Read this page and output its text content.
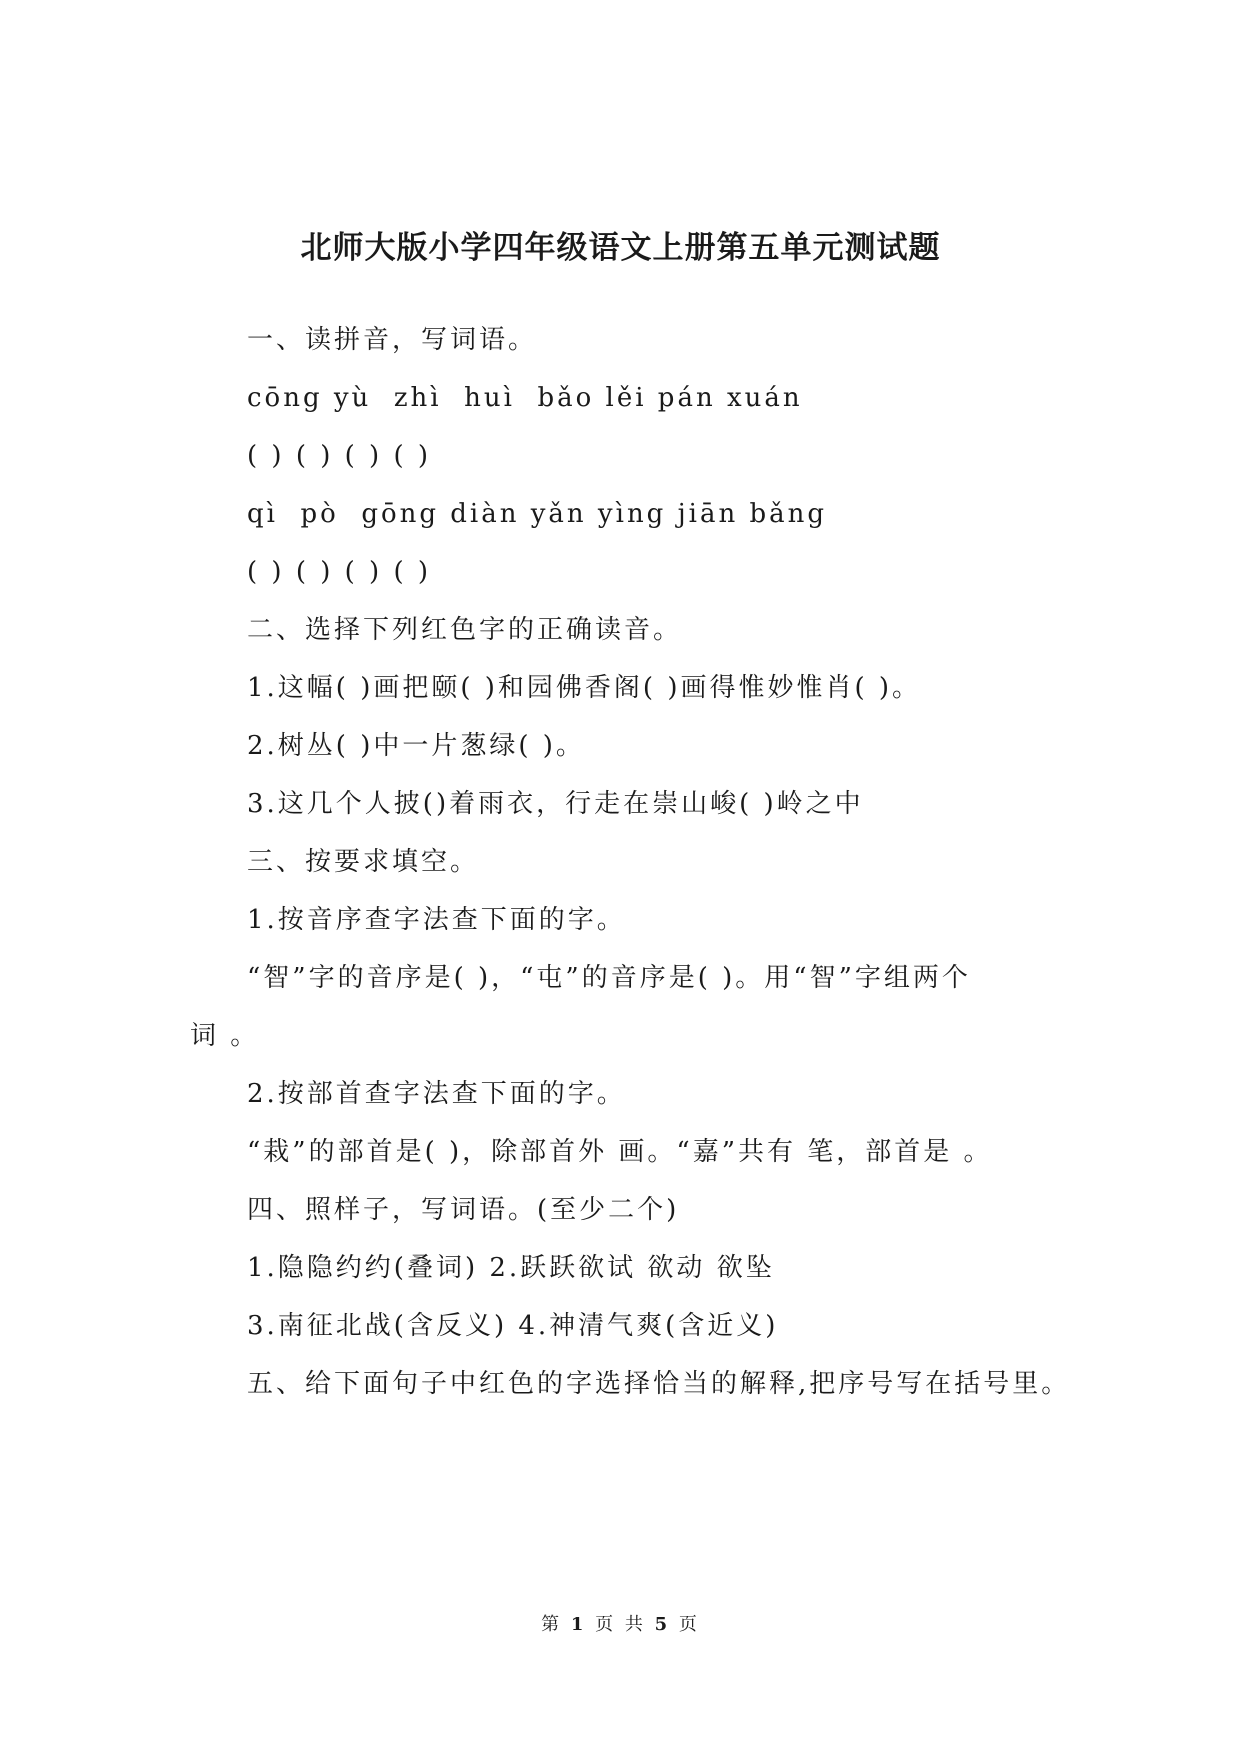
北师大版小学四年级语文上册第五单元测试题
一、读拼音，写词语。
cōng yù  zhì  huì  bǎo lěi pán xuán
( ) ( ) ( ) ( )
qì  pò  gōng diàn yǎn yìng jiān bǎng
( ) ( ) ( ) ( )
二、选择下列红色字的正确读音。
1.这幅( )画把颐( )和园佛香阁( )画得惟妙惟肖( )。
2.树丛( )中一片葱绿( )。
3.这几个人披()着雨衣，行走在崇山峻( )岭之中
三、按要求填空。
1.按音序查字法查下面的字。
“智”字的音序是( )，“屯”的音序是( )。用“智”字组两个
词 。
2.按部首查字法查下面的字。
“栽”的部首是( )，除部首外 画。“嘉”共有 笔，部首是 。
四、照样子，写词语。(至少二个)
1.隐隐约约(叠词) 2.跃跃欲试 欲动 欲坠
3.南征北战(含反义) 4.神清气爽(含近义)
五、给下面句子中红色的字选择恰当的解释,把序号写在括号里。
第 1 页 共 5 页
